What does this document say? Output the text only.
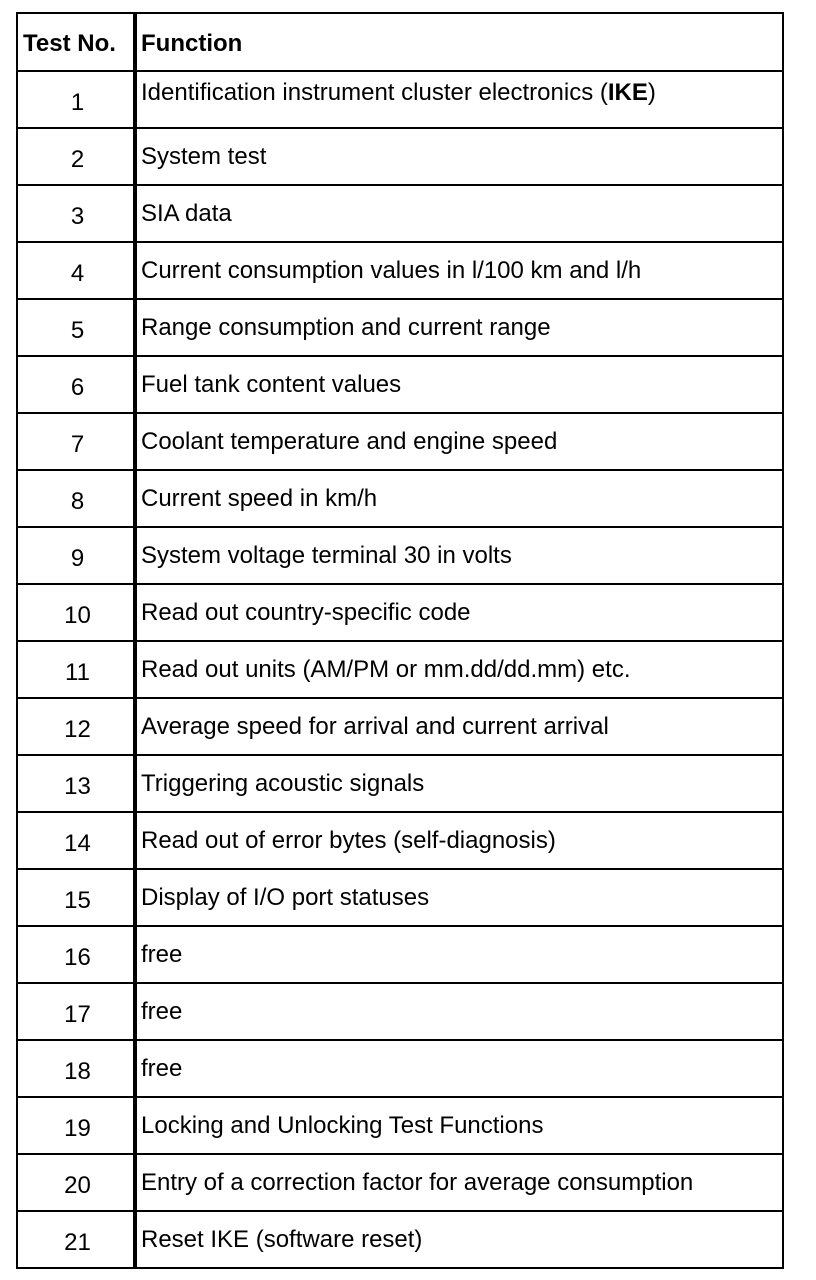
Test No.	Function
1	Identification instrument cluster electronics (IKE)
2	System test
3	SIA data
4	Current consumption values in l/100 km and l/h
5	Range consumption and current range
6	Fuel tank content values
7	Coolant temperature and engine speed
8	Current speed in km/h
9	System voltage terminal 30 in volts
10	Read out country-specific code
11	Read out units (AM/PM or mm.dd/dd.mm) etc.
12	Average speed for arrival and current arrival
13	Triggering acoustic signals
14	Read out of error bytes (self-diagnosis)
15	Display of I/O port statuses
16	free
17	free
18	free
19	Locking and Unlocking Test Functions
20	Entry of a correction factor for average consumption
21	Reset IKE (software reset)
